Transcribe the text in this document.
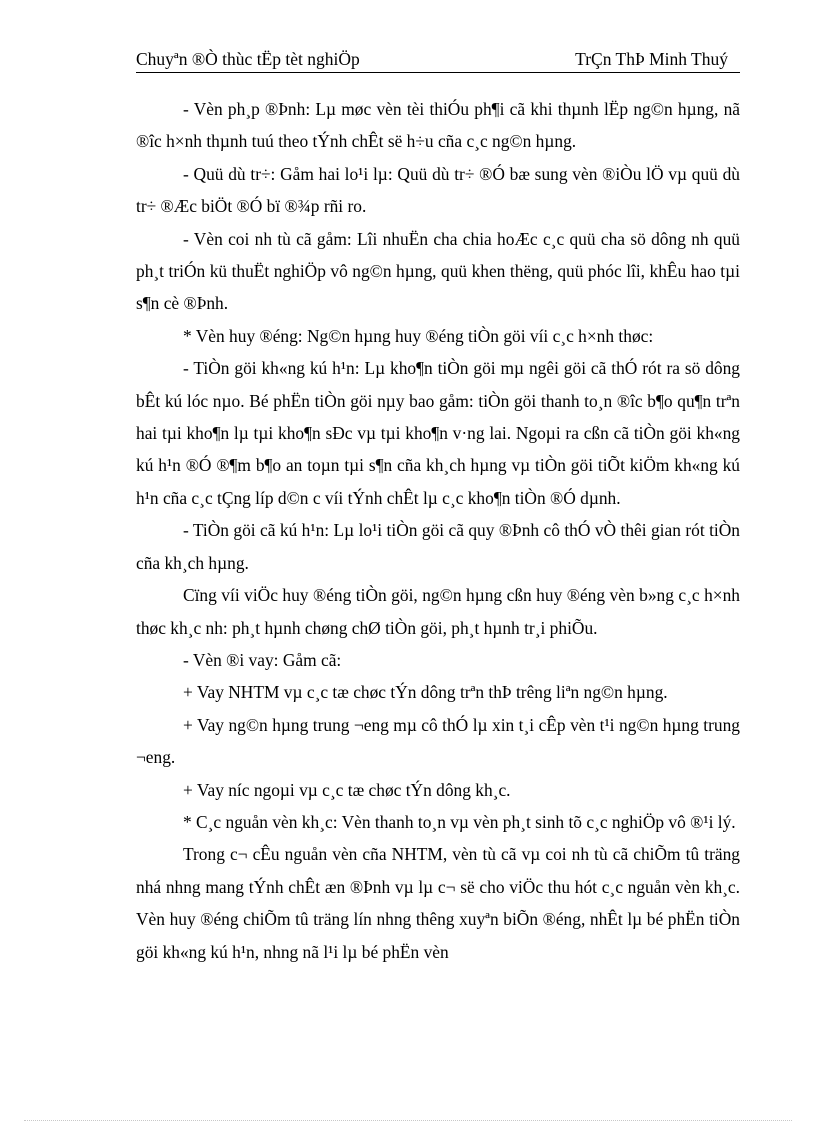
Chuyªn ®Ò thùc tËp tèt nghiÖp	TrÇn ThÞ Minh Thuý

- Vèn ph¸p ®Þnh: Lµ møc vèn tèi thiÓu ph¶i cã khi thµnh lËp ng©n hµng, nã ®îc h×nh thµnh tuú theo tÝnh chÊt së h÷u cña c¸c ng©n hµng.

- Quü dù tr÷: Gåm hai lo¹i lµ: Quü dù tr÷ ®Ó bæ sung vèn ®iÒu lÖ vµ quü dù tr÷ ®Æc biÖt ®Ó bï ®¾p rñi ro.

- Vèn coi nh tù cã gåm: Lîi nhuËn cha chia hoÆc c¸c quü cha sö dông nh quü ph¸t triÓn kü thuËt nghiÖp vô ng©n hµng, quü khen thëng, quü phóc lîi, khÊu hao tµi s¶n cè ®Þnh.

* Vèn huy ®éng: Ng©n hµng huy ®éng tiÒn göi víi c¸c h×nh thøc:

- TiÒn göi kh«ng kú h¹n: Lµ kho¶n tiÒn göi mµ ngêi göi cã thÓ rót ra sö dông bÊt kú lóc nµo. Bé phËn tiÒn göi nµy bao gåm: tiÒn göi thanh to¸n ®îc b¶o qu¶n trªn hai tµi kho¶n lµ tµi kho¶n sÐc vµ tµi kho¶n v·ng lai. Ngoµi ra cßn cã tiÒn göi kh«ng kú h¹n ®Ó ®¶m b¶o an toµn tµi s¶n cña kh¸ch hµng vµ tiÒn göi tiÕt kiÖm kh«ng kú h¹n cña c¸c tÇng líp d©n c víi tÝnh chÊt lµ c¸c kho¶n tiÒn ®Ó dµnh.

- TiÒn göi cã kú h¹n: Lµ lo¹i tiÒn göi cã quy ®Þnh cô thÓ vÒ thêi gian rót tiÒn cña kh¸ch hµng.

Cïng víi viÖc huy ®éng tiÒn göi, ng©n hµng cßn huy ®éng vèn b»ng c¸c h×nh thøc kh¸c nh: ph¸t hµnh chøng chØ tiÒn göi, ph¸t hµnh tr¸i phiÕu.

- Vèn ®i vay: Gåm cã:

+ Vay NHTM vµ c¸c tæ chøc tÝn dông trªn thÞ trêng liªn ng©n hµng.

+ Vay ng©n hµng trung ¬eng mµ cô thÓ lµ xin t¸i cÊp vèn t¹i ng©n hµng trung ¬eng.

+ Vay níc ngoµi vµ c¸c tæ chøc tÝn dông kh¸c.

* C¸c nguån vèn kh¸c: Vèn thanh to¸n vµ vèn ph¸t sinh tõ c¸c nghiÖp vô ®¹i lý.

Trong c¬ cÊu nguån vèn cña NHTM, vèn tù cã vµ coi nh tù cã chiÕm tû träng nhá nhng mang tÝnh chÊt æn ®Þnh vµ lµ c¬ së cho viÖc thu hót c¸c nguån vèn kh¸c. Vèn huy ®éng chiÕm tû träng lín nhng thêng xuyªn biÕn ®éng, nhÊt lµ bé phËn tiÒn göi kh«ng kú h¹n, nhng nã l¹i lµ bé phËn vèn
